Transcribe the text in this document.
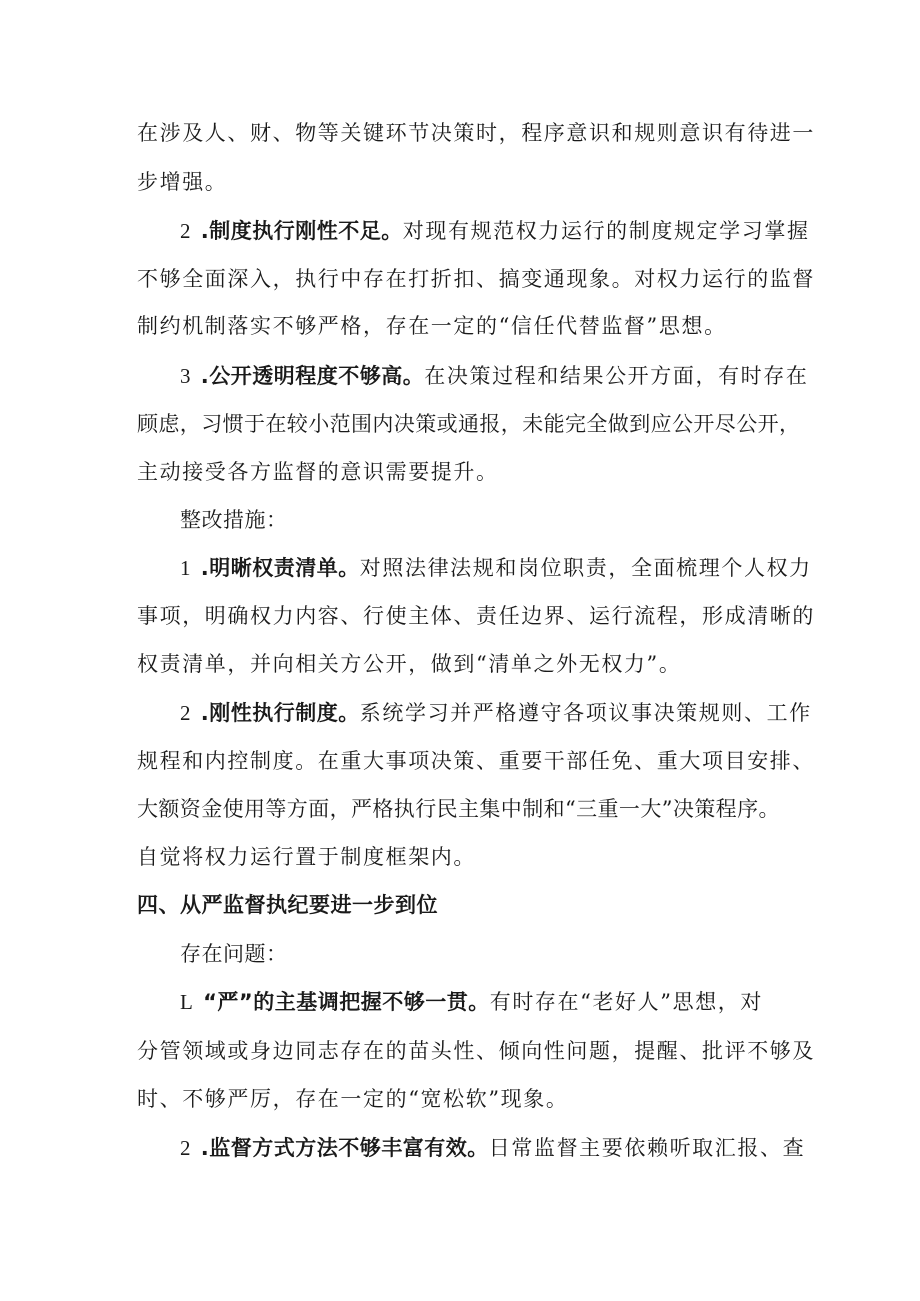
在涉及人、财、物等关键环节决策时，程序意识和规则意识有待进一
步增强。
2 .制度执行刚性不足。对现有规范权力运行的制度规定学习掌握
不够全面深入，执行中存在打折扣、搞变通现象。对权力运行的监督
制约机制落实不够严格，存在一定的“信任代替监督”思想。
3 .公开透明程度不够高。在决策过程和结果公开方面，有时存在
顾虑，习惯于在较小范围内决策或通报，未能完全做到应公开尽公开，
主动接受各方监督的意识需要提升。
整改措施：
1 .明晰权责清单。对照法律法规和岗位职责，全面梳理个人权力
事项，明确权力内容、行使主体、责任边界、运行流程，形成清晰的
权责清单，并向相关方公开，做到“清单之外无权力”。
2 .刚性执行制度。系统学习并严格遵守各项议事决策规则、工作
规程和内控制度。在重大事项决策、重要干部任免、重大项目安排、
大额资金使用等方面，严格执行民主集中制和“三重一大”决策程序。
自觉将权力运行置于制度框架内。
四、从严监督执纪要进一步到位
存在问题：
L “严”的主基调把握不够一贯。有时存在“老好人”思想，对
分管领域或身边同志存在的苗头性、倾向性问题，提醒、批评不够及
时、不够严厉，存在一定的“宽松软”现象。
2 .监督方式方法不够丰富有效。日常监督主要依赖听取汇报、查
